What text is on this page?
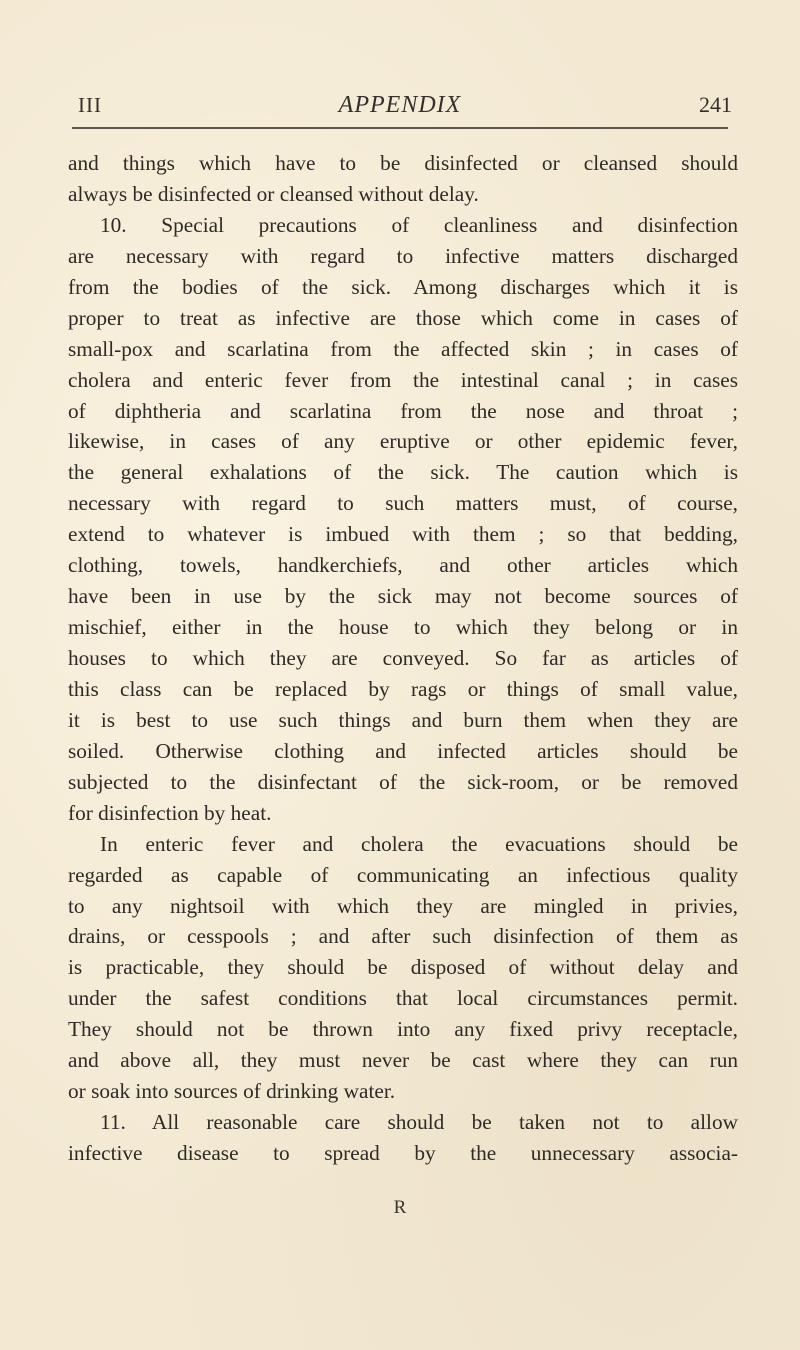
III	APPENDIX	241
and things which have to be disinfected or cleansed should
always be disinfected or cleansed without delay.
10. Special precautions of cleanliness and disinfection
are necessary with regard to infective matters discharged
from the bodies of the sick. Among discharges which it is
proper to treat as infective are those which come in cases of
small-pox and scarlatina from the affected skin ; in cases of
cholera and enteric fever from the intestinal canal ; in cases
of diphtheria and scarlatina from the nose and throat ;
likewise, in cases of any eruptive or other epidemic fever,
the general exhalations of the sick. The caution which is
necessary with regard to such matters must, of course,
extend to whatever is imbued with them ; so that bedding,
clothing, towels, handkerchiefs, and other articles which
have been in use by the sick may not become sources of
mischief, either in the house to which they belong or in
houses to which they are conveyed. So far as articles of
this class can be replaced by rags or things of small value,
it is best to use such things and burn them when they are
soiled. Otherwise clothing and infected articles should be
subjected to the disinfectant of the sick-room, or be removed
for disinfection by heat.
In enteric fever and cholera the evacuations should be
regarded as capable of communicating an infectious quality
to any nightsoil with which they are mingled in privies,
drains, or cesspools ; and after such disinfection of them as
is practicable, they should be disposed of without delay and
under the safest conditions that local circumstances permit.
They should not be thrown into any fixed privy receptacle,
and above all, they must never be cast where they can run
or soak into sources of drinking water.
11. All reasonable care should be taken not to allow
infective disease to spread by the unnecessary associa-
R
